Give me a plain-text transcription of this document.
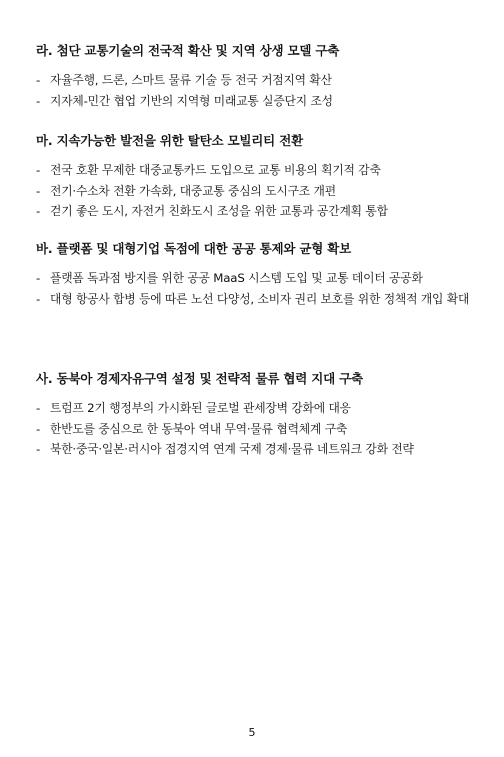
라. 첨단 교통기술의 전국적 확산 및 지역 상생 모델 구축
- 자율주행, 드론, 스마트 물류 기술 등 전국 거점지역 확산
- 지자체-민간 협업 기반의 지역형 미래교통 실증단지 조성
마. 지속가능한 발전을 위한 탈탄소 모빌리티 전환
- 전국 호환 무제한 대중교통카드 도입으로 교통 비용의 획기적 감축
- 전기·수소차 전환 가속화, 대중교통 중심의 도시구조 개편
- 걷기 좋은 도시, 자전거 친화도시 조성을 위한 교통과 공간계획 통합
바. 플랫폼 및 대형기업 독점에 대한 공공 통제와 균형 확보
- 플랫폼 독과점 방지를 위한 공공 MaaS 시스템 도입 및 교통 데이터 공공화
- 대형 항공사 합병 등에 따른 노선 다양성, 소비자 권리 보호를 위한 정책적 개입 확대
사. 동북아 경제자유구역 설정 및 전략적 물류 협력 지대 구축
- 트럼프 2기 행정부의 가시화된 글로벌 관세장벽 강화에 대응
- 한반도를 중심으로 한 동북아 역내 무역·물류 협력체계 구축
- 북한·중국·일본·러시아 접경지역 연계 국제 경제·물류 네트워크 강화 전략
5
